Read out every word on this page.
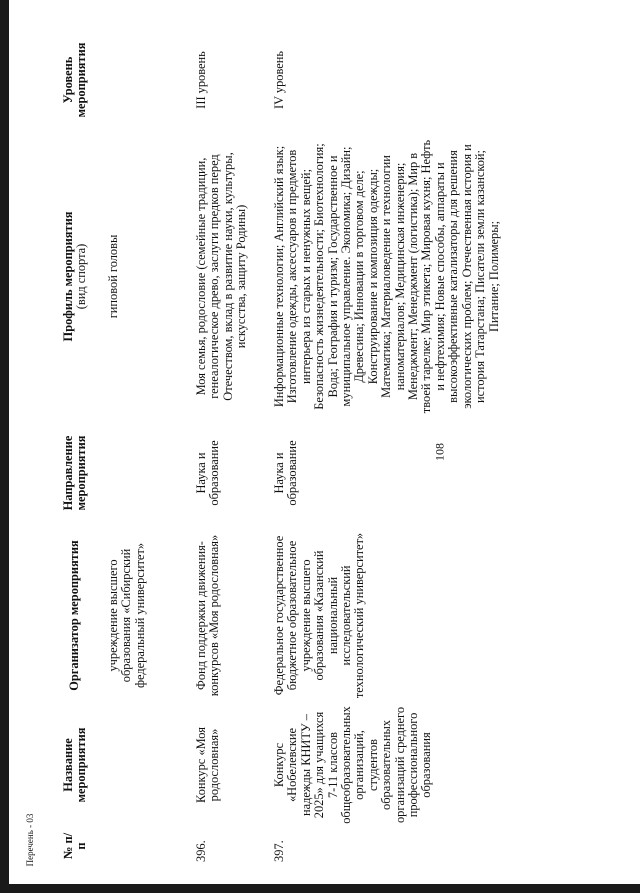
108
Перечень - 03 № п/п	Название мероприятия	Организатор мероприятия	Направление мероприятия	Профиль мероприятия (вид спорта)	Уровень мероприятия
		учреждение высшего образования «Сибирский федеральный университет»		гиповой головы	
396.	Конкурс «Моя родословная»	Фонд поддержки движения-конкурсов «Моя родословная»	Наука и образование	Моя семья, родословие (семейные традиции, генеалогическое древо, заслуги предков перед Отечеством, вклад в развитие науки, культуры, искусства, защиту Родины)	III уровень
397.	Конкурс «Нобелевские надежды КНИТУ – 2025» для учащихся 7-11 классов общеобразовательных организаций, студентов образовательных организаций среднего профессионального образования	Федеральное государственное бюджетное образовательное учреждение высшего образования «Казанский национальный исследовательский технологический университет»	Наука и образование	Информационные технологии; Английский язык; Изготовление одежды, аксессуаров и предметов интерьера из старых и ненужных вещей; Безопасность жизнедеятельности; Биотехнология; Вода; География и туризм; Государственное и муниципальное управление. Экономика; Дизайн; Древесина; Инновации в торговом деле; Конструирование и композиция одежды; Математика; Материаловедение и технологии наноматериалов; Медицинская инженерия; Менеджмент; Менеджмент (логистика); Мир в твоей тарелке; Мир этикета; Мировая кухня; Нефть и нефтехимия; Новые способы, аппараты и высокоэффективные катализаторы для решения экологических проблем; Отечественная история и история Татарстана; Писатели земли казанской; Питание; Полимеры;	IV уровень
